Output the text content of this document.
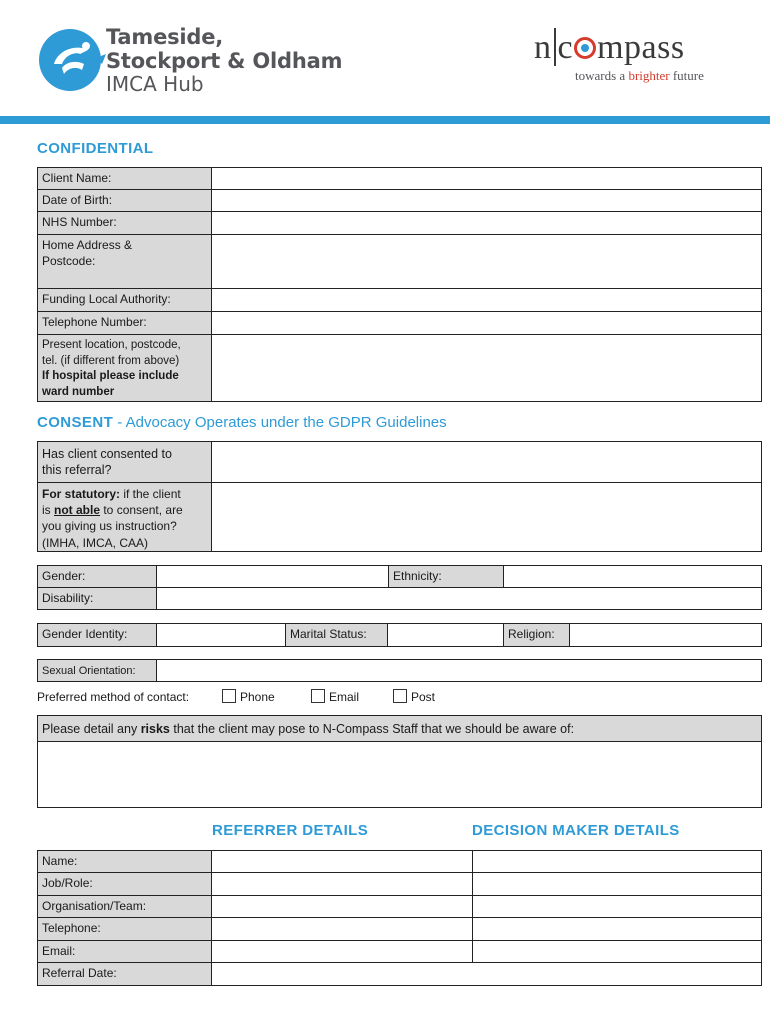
Tameside,
Stockport & Oldham
IMCA Hub
n c mpass
towards a brighter future
CONFIDENTIAL
Client Name:
Date of Birth:
NHS Number:
Home Address &
Postcode:
Funding Local Authority:
Telephone Number:
Present location, postcode,
tel. (if different from above)
If hospital please include
ward number
CONSENT - Advocacy Operates under the GDPR Guidelines
Has client consented to
this referral?
For statutory: if the client
is not able to consent, are
you giving us instruction?
(IMHA, IMCA, CAA)
Gender:	Ethnicity:
Disability:
Gender Identity:	Marital Status:	Religion:
Sexual Orientation:
Preferred method of contact:	Phone	Email	Post
Please detail any risks that the client may pose to N-Compass Staff that we should be aware of:
REFERRER DETAILS	DECISION MAKER DETAILS
Name:
Job/Role:
Organisation/Team:
Telephone:
Email:
Referral Date:
